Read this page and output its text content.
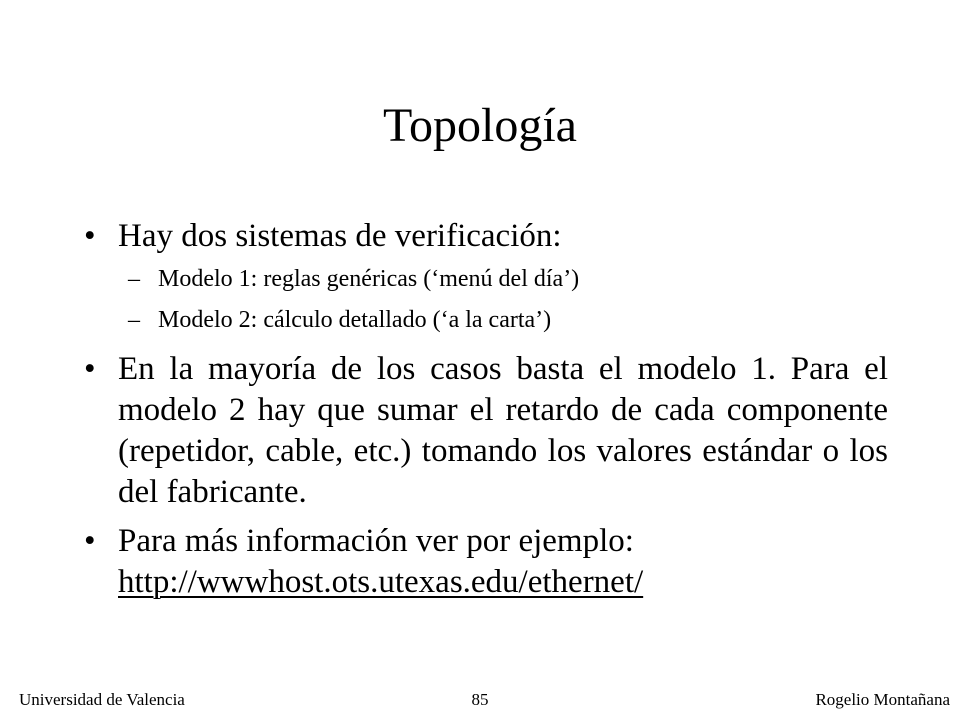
Topología
• Hay dos sistemas de verificación:
– Modelo 1: reglas genéricas (‘menú del día’)
– Modelo 2: cálculo detallado (‘a la carta’)
• En la mayoría de los casos basta el modelo 1. Para el modelo 2 hay que sumar el retardo de cada componente (repetidor, cable, etc.) tomando los valores estándar o los del fabricante.
• Para más información ver por ejemplo:
http://wwwhost.ots.utexas.edu/ethernet/
Universidad de Valencia	85	Rogelio Montañana
